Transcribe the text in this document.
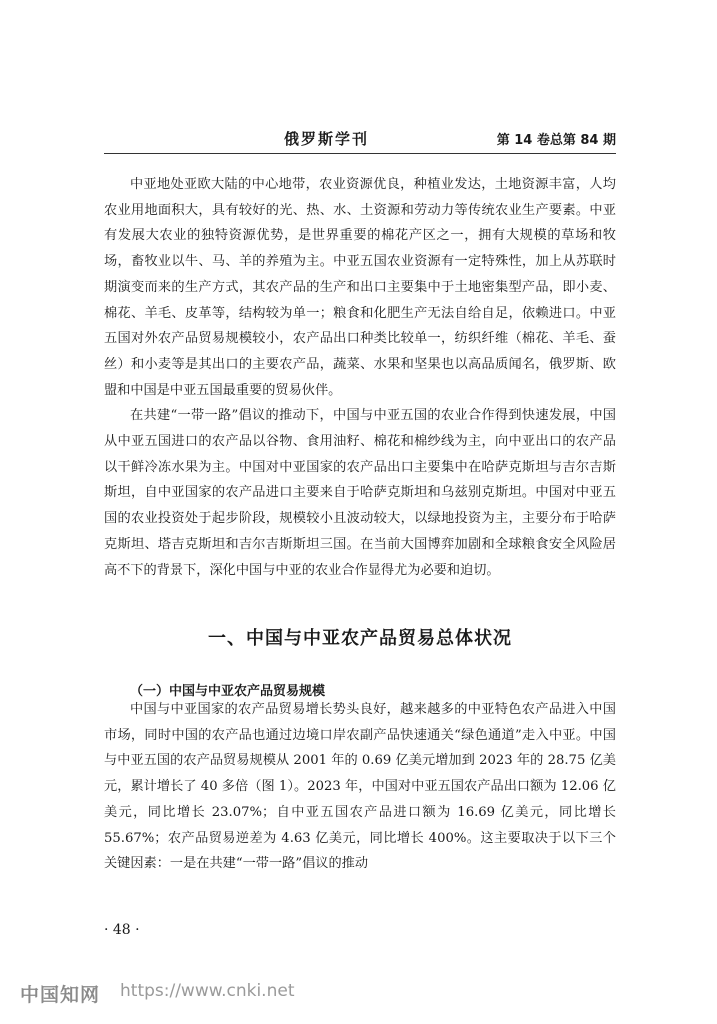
俄罗斯学刊	第 14 卷总第 84 期

中亚地处亚欧大陆的中心地带，农业资源优良，种植业发达，土地资源丰富，人均农业用地面积大，具有较好的光、热、水、土资源和劳动力等传统农业生产要素。中亚有发展大农业的独特资源优势，是世界重要的棉花产区之一，拥有大规模的草场和牧场，畜牧业以牛、马、羊的养殖为主。中亚五国农业资源有一定特殊性，加上从苏联时期演变而来的生产方式，其农产品的生产和出口主要集中于土地密集型产品，即小麦、棉花、羊毛、皮革等，结构较为单一；粮食和化肥生产无法自给自足，依赖进口。中亚五国对外农产品贸易规模较小，农产品出口种类比较单一，纺织纤维（棉花、羊毛、蚕丝）和小麦等是其出口的主要农产品，蔬菜、水果和坚果也以高品质闻名，俄罗斯、欧盟和中国是中亚五国最重要的贸易伙伴。

在共建“一带一路”倡议的推动下，中国与中亚五国的农业合作得到快速发展，中国从中亚五国进口的农产品以谷物、食用油籽、棉花和棉纱线为主，向中亚出口的农产品以干鲜冷冻水果为主。中国对中亚国家的农产品出口主要集中在哈萨克斯坦与吉尔吉斯斯坦，自中亚国家的农产品进口主要来自于哈萨克斯坦和乌兹别克斯坦。中国对中亚五国的农业投资处于起步阶段，规模较小且波动较大，以绿地投资为主，主要分布于哈萨克斯坦、塔吉克斯坦和吉尔吉斯斯坦三国。在当前大国博弈加剧和全球粮食安全风险居高不下的背景下，深化中国与中亚的农业合作显得尤为必要和迫切。

一、中国与中亚农产品贸易总体状况
（一）中国与中亚农产品贸易规模

中国与中亚国家的农产品贸易增长势头良好，越来越多的中亚特色农产品进入中国市场，同时中国的农产品也通过边境口岸农副产品快速通关“绿色通道”走入中亚。中国与中亚五国的农产品贸易规模从 2001 年的 0.69 亿美元增加到 2023 年的 28.75 亿美元，累计增长了 40 多倍（图 1）。2023 年，中国对中亚五国农产品出口额为 12.06 亿美元，同比增长 23.07%；自中亚五国农产品进口额为 16.69 亿美元，同比增长 55.67%；农产品贸易逆差为 4.63 亿美元，同比增长 400%。这主要取决于以下三个关键因素：一是在共建“一带一路”倡议的推动

· 48 ·
中国知网 https://www.cnki.net
